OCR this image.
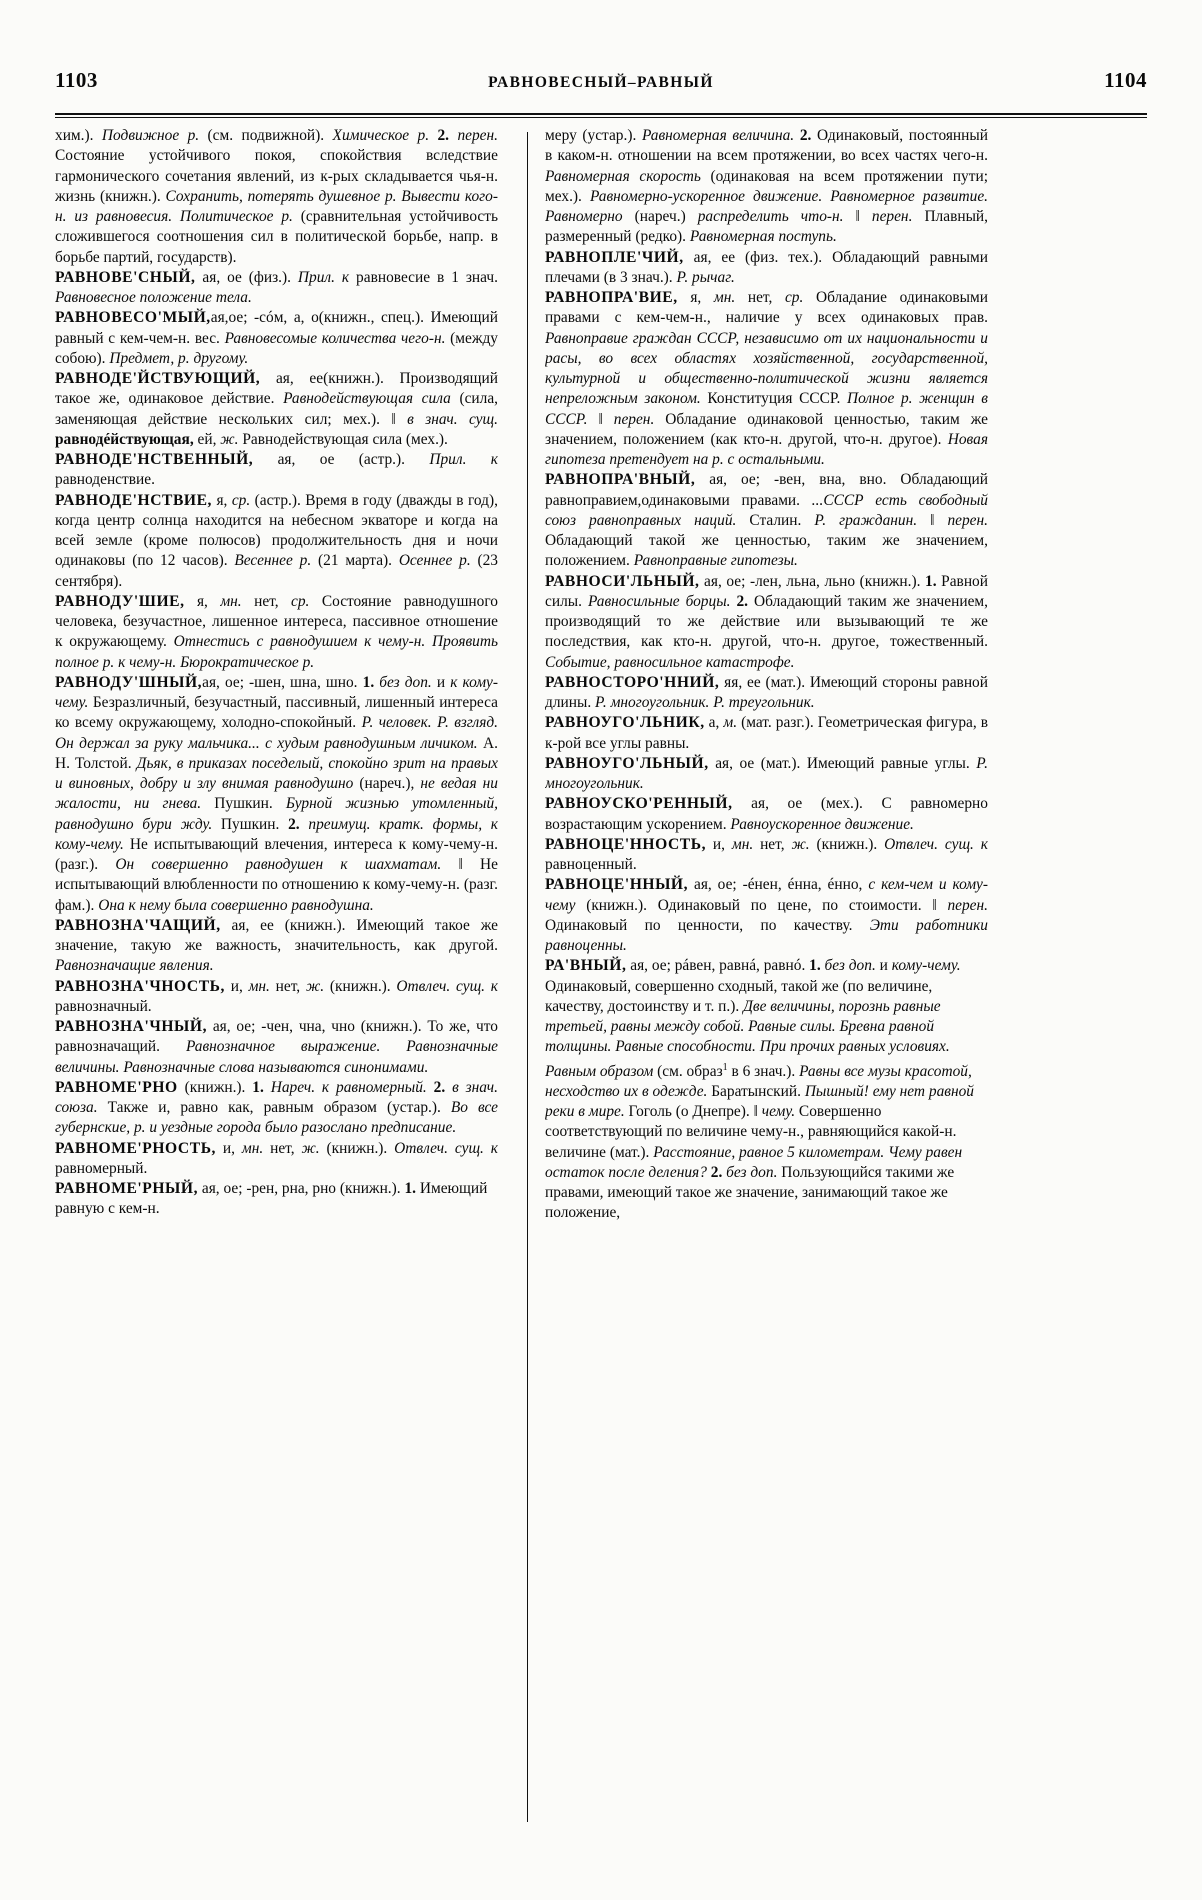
1103	РАВНОВЕСНЫЙ–РАВНЫЙ	1104

хим.). Подвижное р. (см. подвижной). Химическое р. 2. перен. Состояние устойчивого покоя, спокойствия вследствие гармонического сочетания явлений, из к-рых складывается чья-н. жизнь (книжн.). Сохранить, потерять душевное р. Вывести кого-н. из равновесия. Политическое р. (сравнительная устойчивость сложившегося соотношения сил в политической борьбе, напр. в борьбе партий, государств).

РАВНОВЕ'СНЫЙ, ая, ое (физ.). Прил. к равновесие в 1 знач. Равновесное положение тела.

РАВНОВЕСО'МЫЙ,ая,ое; -сóм, а, о(книжн., спец.). Имеющий равный с кем-чем-н. вес. Равновесомые количества чего-н. (между собою). Предмет, р. другому.

РАВНОДЕ'ЙСТВУЮЩИЙ, ая, ее(книжн.). Производящий такое же, одинаковое действие. Равнодействующая сила (сила, заменяющая действие нескольких сил; мех.). ‖ в знач. сущ. равнодéйствующая, ей, ж. Равнодействующая сила (мех.).

РАВНОДЕ'НСТВЕННЫЙ, ая, ое (астр.). Прил. к равноденствие.

РАВНОДЕ'НСТВИЕ, я, ср. (астр.). Время в году (дважды в год), когда центр солнца находится на небесном экваторе и когда на всей земле (кроме полюсов) продолжительность дня и ночи одинаковы (по 12 часов). Весеннее р. (21 марта). Осеннее р. (23 сентября).

РАВНОДУ'ШИЕ, я, мн. нет, ср. Состояние равнодушного человека, безучастное, лишенное интереса, пассивное отношение к окружающему. Отнестись с равнодушием к чему-н. Проявить полное р. к чему-н. Бюрократическое р.

РАВНОДУ'ШНЫЙ,ая, ое; -шен, шна, шно. 1. без доп. и к кому-чему. Безразличный, безучастный, пассивный, лишенный интереса ко всему окружающему, холодно-спокойный. Р. человек. Р. взгляд. Он держал за руку мальчика... с худым равнодушным личиком. А. Н. Толстой. Дьяк, в приказах поседелый, спокойно зрит на правых и виновных, добру и злу внимая равнодушно (нареч.), не ведая ни жалости, ни гнева. Пушкин. Бурной жизнью утомленный, равнодушно бури жду. Пушкин. 2. преимущ. кратк. формы, к кому-чему. Не испытывающий влечения, интереса к кому-чему-н. (разг.). Он совершенно равнодушен к шахматам. ‖ Не испытывающий влюбленности по отношению к кому-чему-н. (разг. фам.). Она к нему была совершенно равнодушна.

РАВНОЗНА'ЧАЩИЙ, ая, ее (книжн.). Имеющий такое же значение, такую же важность, значительность, как другой. Равнозначащие явления.

РАВНОЗНА'ЧНОСТЬ, и, мн. нет, ж. (книжн.). Отвлеч. сущ. к равнозначный.

РАВНОЗНА'ЧНЫЙ, ая, ое; -чен, чна, чно (книжн.). То же, что равнозначащий. Равнозначное выражение. Равнозначные величины. Равнозначные слова называются синонимами.

РАВНОМЕ'РНО (книжн.). 1. Нареч. к равномерный. 2. в знач. союза. Также и, равно как, равным образом (устар.). Во все губернские, р. и уездные города было разослано предписание.

РАВНОМЕ'РНОСТЬ, и, мн. нет, ж. (книжн.). Отвлеч. сущ. к равномерный.

РАВНОМЕ'РНЫЙ, ая, ое; -рен, рна, рно (книжн.). 1. Имеющий равную с кем-н.

меру (устар.). Равномерная величина. 2. Одинаковый, постоянный в каком-н. отношении на всем протяжении, во всех частях чего-н. Равномерная скорость (одинаковая на всем протяжении пути; мех.). Равномерно-ускоренное движение. Равномерное развитие. Равномерно (нареч.) распределить что-н. ‖ перен. Плавный, размеренный (редко). Равномерная поступь.

РАВНОПЛЕ'ЧИЙ, ая, ее (физ. тех.). Обладающий равными плечами (в 3 знач.). Р. рычаг.

РАВНОПРА'ВИЕ, я, мн. нет, ср. Обладание одинаковыми правами с кем-чем-н., наличие у всех одинаковых прав. Равноправие граждан СССР, независимо от их национальности и расы, во всех областях хозяйственной, государственной, культурной и общественно-политической жизни является непреложным законом. Конституция СССР. Полное р. женщин в СССР. ‖ перен. Обладание одинаковой ценностью, таким же значением, положением (как кто-н. другой, что-н. другое). Новая гипотеза претендует на р. с остальными.

РАВНОПРА'ВНЫЙ, ая, ое; -вен, вна, вно. Обладающий равноправием,одинаковыми правами. ...СССР есть свободный союз равноправных наций. Сталин. Р. гражданин. ‖ перен. Обладающий такой же ценностью, таким же значением, положением. Равноправные гипотезы.

РАВНОСИ'ЛЬНЫЙ, ая, ое; -лен, льна, льно (книжн.). 1. Равной силы. Равносильные борцы. 2. Обладающий таким же значением, производящий то же действие или вызывающий те же последствия, как кто-н. другой, что-н. другое, тожественный. Событие, равносильное катастрофе.

РАВНОСТОРО'ННИЙ, яя, ее (мат.). Имеющий стороны равной длины. Р. многоугольник. Р. треугольник.

РАВНОУГО'ЛЬНИК, а, м. (мат. разг.). Геометрическая фигура, в к-рой все углы равны.

РАВНОУГО'ЛЬНЫЙ, ая, ое (мат.). Имеющий равные углы. Р. многоугольник.

РАВНОУСКО'РЕННЫЙ, ая, ое (мех.). С равномерно возрастающим ускорением. Равноускоренное движение.

РАВНОЦЕ'ННОСТЬ, и, мн. нет, ж. (книжн.). Отвлеч. сущ. к равноценный.

РАВНОЦЕ'ННЫЙ, ая, ое; -éнен, éнна, éнно, с кем-чем и кому-чему (книжн.). Одинаковый по цене, по стоимости. ‖ перен. Одинаковый по ценности, по качеству. Эти работники равноценны.

РА'ВНЫЙ, ая, ое; рáвен, равнá, равнó. 1. без доп. и кому-чему. Одинаковый, совершенно сходный, такой же (по величине, качеству, достоинству и т. п.). Две величины, порознь равные третьей, равны между собой. Равные силы. Бревна равной толщины. Равные способности. При прочих равных условиях. Равным образом (см. образ$^1$ в 6 знач.). Равны все музы красотой, несходство их в одежде. Баратынский. Пышный! ему нет равной реки в мире. Гоголь (о Днепре). ‖ чему. Совершенно соответствующий по величине чему-н., равняющийся какой-н. величине (мат.). Расстояние, равное 5 километрам. Чему равен остаток после деления? 2. без доп. Пользующийся такими же правами, имеющий такое же значение, занимающий такое же положение,
